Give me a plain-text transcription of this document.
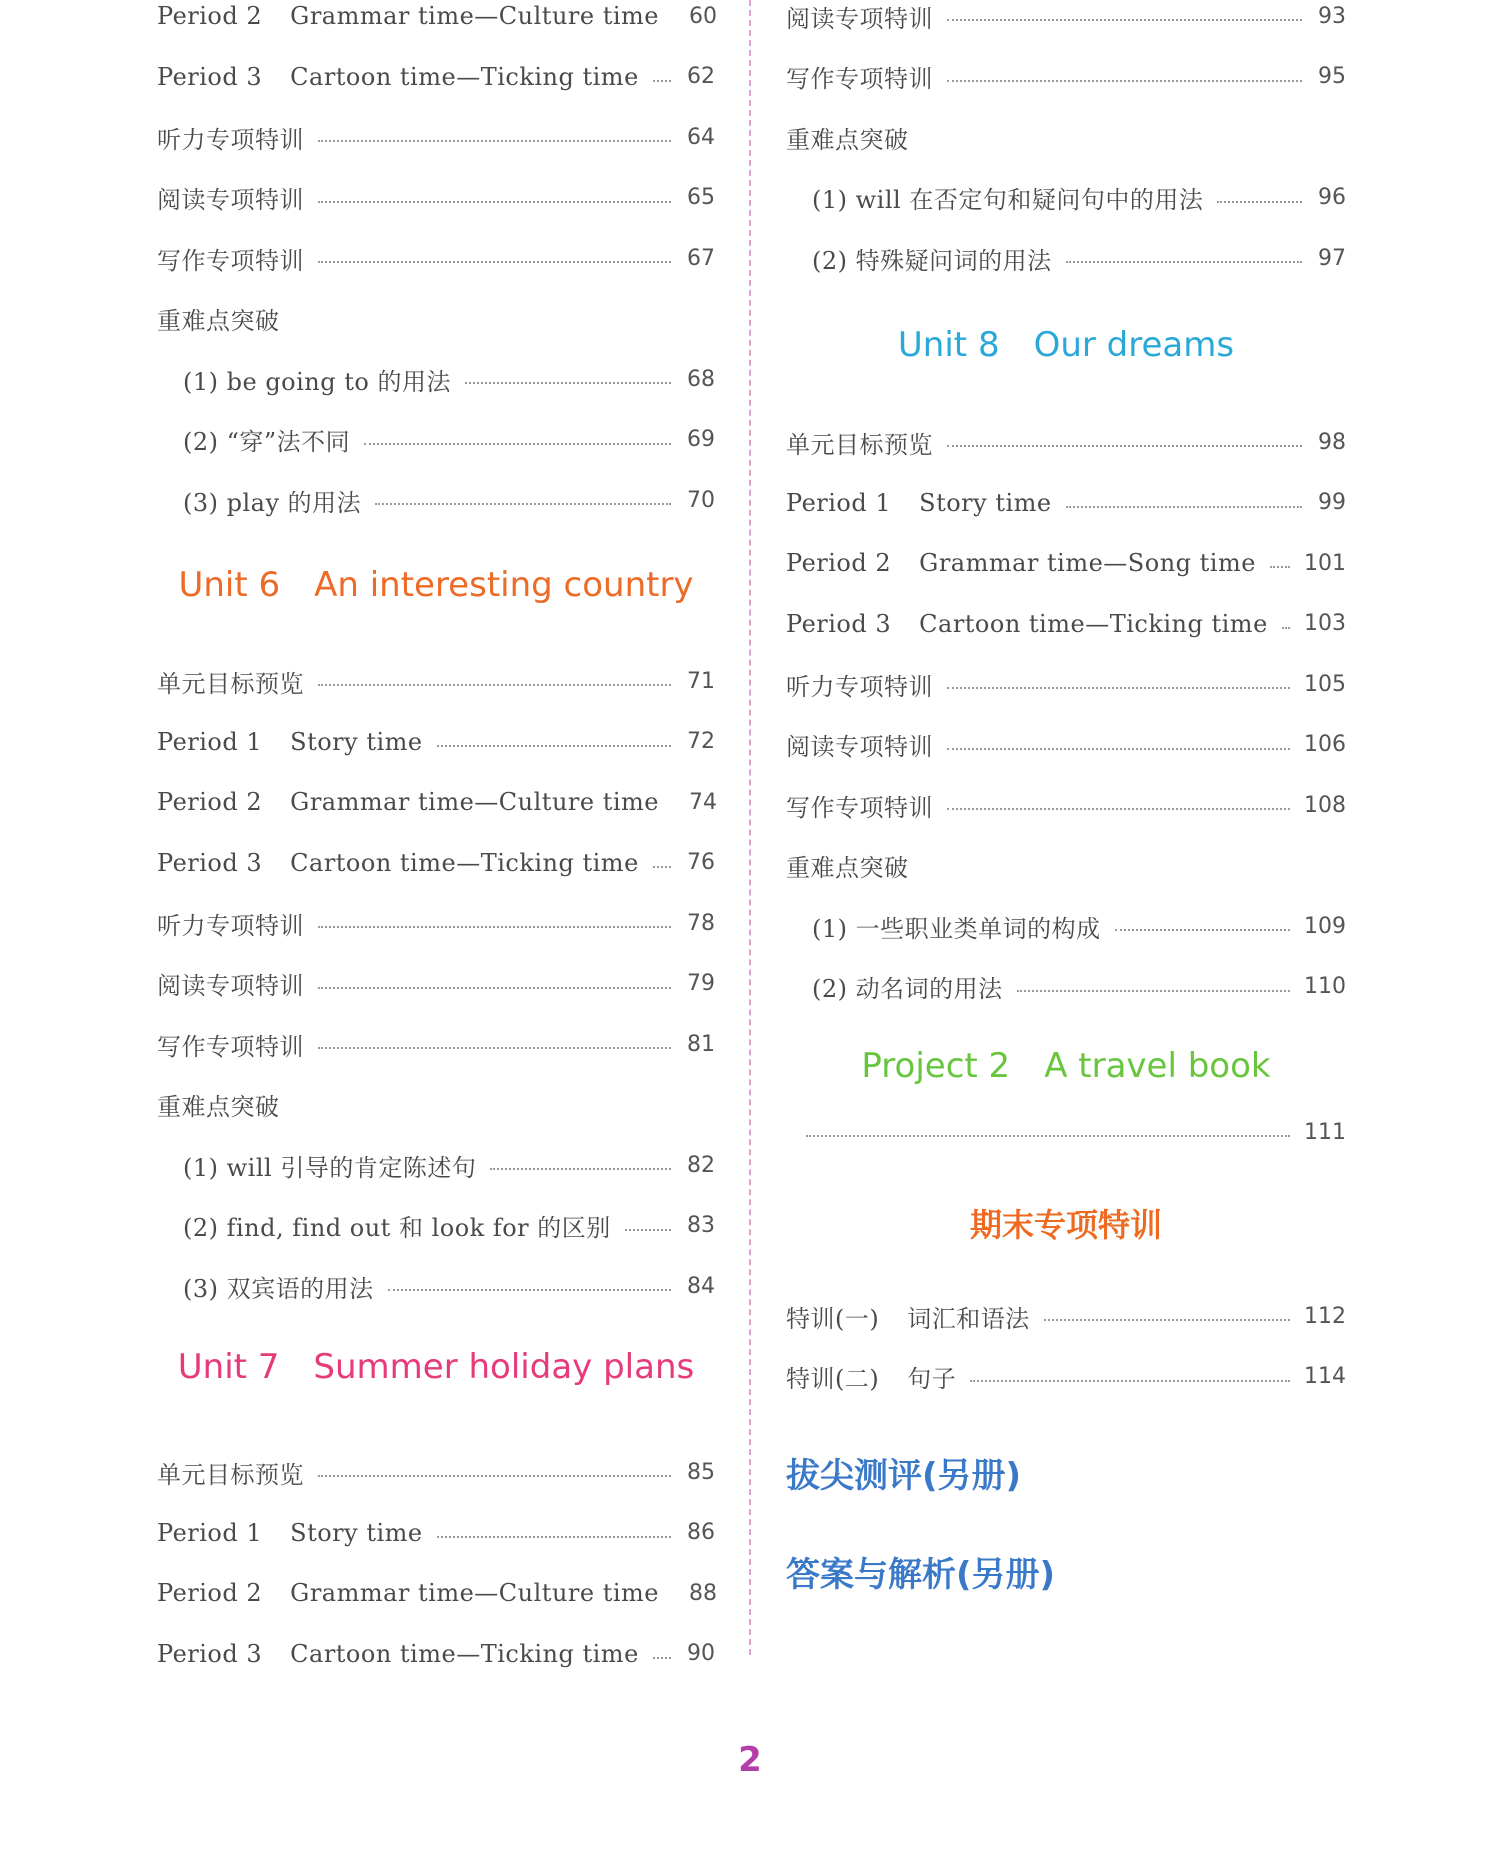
Period 2 Grammar time—Culture time 60
Period 3 Cartoon time—Ticking time 62
听力专项特训	64
阅读专项特训	65
写作专项特训	67
重难点突破
(1) be going to 的用法	68
(2) “穿”法不同	69
(3) play 的用法	70
Unit 6 An interesting country
单元目标预览	71
Period 1 Story time	72
Period 2 Grammar time—Culture time 74
Period 3 Cartoon time—Ticking time 76
听力专项特训	78
阅读专项特训	79
写作专项特训	81
重难点突破
(1) will 引导的肯定陈述句	82
(2) find, find out 和 look for 的区别	83
(3) 双宾语的用法	84
Unit 7 Summer holiday plans
单元目标预览	85
Period 1 Story time	86
Period 2 Grammar time—Culture time 88
Period 3 Cartoon time—Ticking time 90
阅读专项特训	93
写作专项特训	95
重难点突破
(1) will 在否定句和疑问句中的用法	96
(2) 特殊疑问词的用法	97
Unit 8 Our dreams
单元目标预览	98
Period 1 Story time	99
Period 2 Grammar time—Song time 101
Period 3 Cartoon time—Ticking time 103
听力专项特训	105
阅读专项特训	106
写作专项特训	108
重难点突破
(1) 一些职业类单词的构成	109
(2) 动名词的用法	110
Project 2 A travel book
111
期末专项特训
特训(一) 词汇和语法	112
特训(二) 句子	114
拔尖测评(另册)
答案与解析(另册)
2
